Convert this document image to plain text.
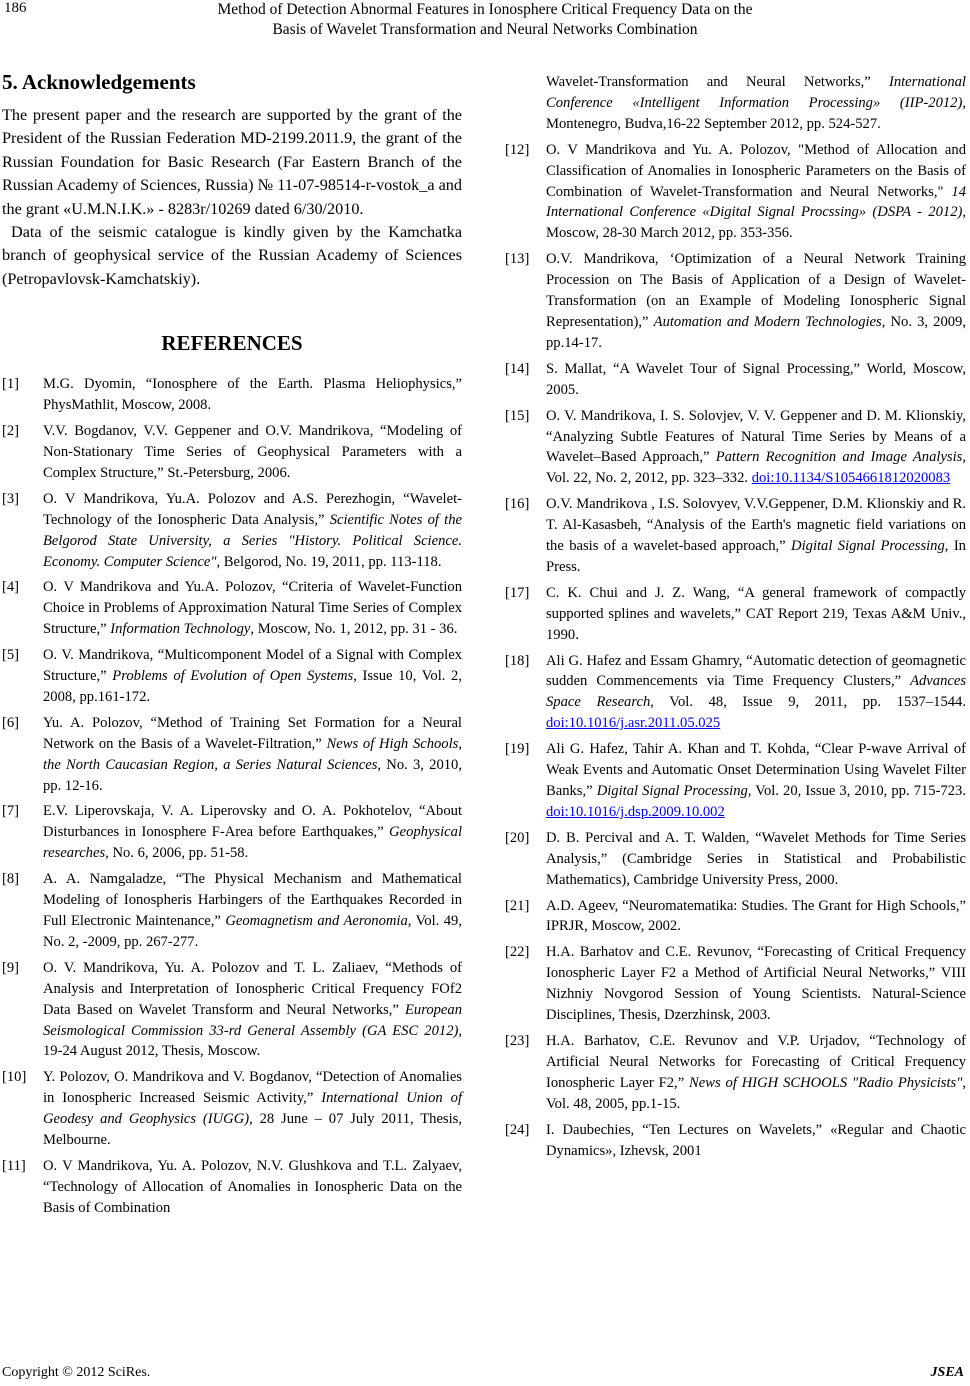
186	Method of Detection Abnormal Features in Ionosphere Critical Frequency Data on the
Basis of Wavelet Transformation and Neural Networks Combination
5. Acknowledgements

The present paper and the research are supported by the grant of the President of the Russian Federation MD-2199.2011.9, the grant of the Russian Foundation for Basic Research (Far Eastern Branch of the Russian Academy of Sciences, Russia) № 11-07-98514-r-vostok_a and the grant «U.M.N.I.K.» - 8283r/10269 dated 6/30/2010.

Data of the seismic catalogue is kindly given by the Kamchatka branch of geophysical service of the Russian Academy of Sciences (Petropavlovsk-Kamchatskiy).

REFERENCES
[1] M.G. Dyomin, “Ionosphere of the Earth. Plasma Heliophysics,” PhysMathlit, Moscow, 2008.
[2] V.V. Bogdanov, V.V. Geppener and O.V. Mandrikova, “Modeling of Non-Stationary Time Series of Geophysical Parameters with a Complex Structure,” St.-Petersburg, 2006.
[3] O. V Mandrikova, Yu.A. Polozov and A.S. Perezhogin, “Wavelet-Technology of the Ionospheric Data Analysis,” Scientific Notes of the Belgorod State University, a Series "History. Political Science. Economy. Computer Science", Belgorod, No. 19, 2011, pp. 113-118.
[4] O. V Mandrikova and Yu.A. Polozov, “Criteria of Wavelet-Function Choice in Problems of Approximation Natural Time Series of Complex Structure,” Information Technology, Moscow, No. 1, 2012, pp. 31 - 36.
[5] O. V. Mandrikova, “Multicomponent Model of a Signal with Complex Structure,” Problems of Evolution of Open Systems, Issue 10, Vol. 2, 2008, pp.161-172.
[6] Yu. A. Polozov, “Method of Training Set Formation for a Neural Network on the Basis of a Wavelet-Filtration,” News of High Schools, the North Caucasian Region, a Series Natural Sciences, No. 3, 2010, pp. 12-16.
[7] E.V. Liperovskaja, V. A. Liperovsky and O. A. Pokhotelov, “About Disturbances in Ionosphere F-Area before Earthquakes,” Geophysical researches, No. 6, 2006, pp. 51-58.
[8] A. A. Namgaladze, “The Physical Mechanism and Mathematical Modeling of Ionospheris Harbingers of the Earthquakes Recorded in Full Electronic Maintenance,” Geomagnetism and Aeronomia, Vol. 49, No. 2, -2009, pp. 267-277.
[9] O. V. Mandrikova, Yu. A. Polozov and T. L. Zaliaev, “Methods of Analysis and Interpretation of Ionospheric Critical Frequency FOf2 Data Based on Wavelet Transform and Neural Networks,” European Seismological Commission 33-rd General Assembly (GA ESC 2012), 19-24 August 2012, Thesis, Moscow.
[10] Y. Polozov, O. Mandrikova and V. Bogdanov, “Detection of Anomalies in Ionospheric Increased Seismic Activity,” International Union of Geodesy and Geophysics (IUGG), 28 June – 07 July 2011, Thesis, Melbourne.
[11] O. V Mandrikova, Yu. A. Polozov, N.V. Glushkova and T.L. Zalyaev, “Technology of Allocation of Anomalies in Ionospheric Data on the Basis of Combination
Wavelet-Transformation and Neural Networks,” International Conference «Intelligent Information Processing» (IIP-2012), Montenegro, Budva,16-22 September 2012, pp. 524-527.
[12] O. V Mandrikova and Yu. A. Polozov, "Method of Allocation and Classification of Anomalies in Ionospheric Parameters on the Basis of Combination of Wavelet-Transformation and Neural Networks," 14 International Conference «Digital Signal Procssing» (DSPA - 2012), Moscow, 28-30 March 2012, pp. 353-356.
[13] O.V. Mandrikova, ‘Optimization of a Neural Network Training Procession on The Basis of Application of a Design of Wavelet-Transformation (on an Example of Modeling Ionospheric Signal Representation),” Automation and Modern Technologies, No. 3, 2009, pp.14-17.
[14] S. Mallat, “A Wavelet Tour of Signal Processing,” World, Moscow, 2005.
[15] O. V. Mandrikova, I. S. Solovjev, V. V. Geppener and D. M. Klionskiy, “Analyzing Subtle Features of Natural Time Series by Means of a Wavelet–Based Approach,” Pattern Recognition and Image Analysis, Vol. 22, No. 2, 2012, pp. 323–332. doi:10.1134/S1054661812020083
[16] O.V. Mandrikova , I.S. Solovyev, V.V.Geppener, D.M. Klionskiy and R. T. Al-Kasasbeh, “Analysis of the Earth's magnetic field variations on the basis of a wavelet-based approach,” Digital Signal Processing, In Press.
[17] C. K. Chui and J. Z. Wang, “A general framework of compactly supported splines and wavelets,” CAT Report 219, Texas A&M Univ., 1990.
[18] Ali G. Hafez and Essam Ghamry, “Automatic detection of geomagnetic sudden Commencements via Time Frequency Clusters,” Advances Space Research, Vol. 48, Issue 9, 2011, pp. 1537–1544. doi:10.1016/j.asr.2011.05.025
[19] Ali G. Hafez, Tahir A. Khan and T. Kohda, “Clear P-wave Arrival of Weak Events and Automatic Onset Determination Using Wavelet Filter Banks,” Digital Signal Processing, Vol. 20, Issue 3, 2010, pp. 715-723. doi:10.1016/j.dsp.2009.10.002
[20] D. B. Percival and A. T. Walden, “Wavelet Methods for Time Series Analysis,” (Cambridge Series in Statistical and Probabilistic Mathematics), Cambridge University Press, 2000.
[21] A.D. Ageev, “Neuromatematika: Studies. The Grant for High Schools,” IPRJR, Moscow, 2002.
[22] H.A. Barhatov and C.E. Revunov, “Forecasting of Critical Frequency Ionospheric Layer F2 a Method of Artificial Neural Networks,” VIII Nizhniy Novgorod Session of Young Scientists. Natural-Science Disciplines, Thesis, Dzerzhinsk, 2003.
[23] H.A. Barhatov, C.E. Revunov and V.P. Urjadov, “Technology of Artificial Neural Networks for Forecasting of Critical Frequency Ionospheric Layer F2,” News of HIGH SCHOOLS "Radio Physicists", Vol. 48, 2005, pp.1-15.
[24] I. Daubechies, “Ten Lectures on Wavelets,” «Regular and Chaotic Dynamics», Izhevsk, 2001
Copyright © 2012 SciRes.	JSEA
